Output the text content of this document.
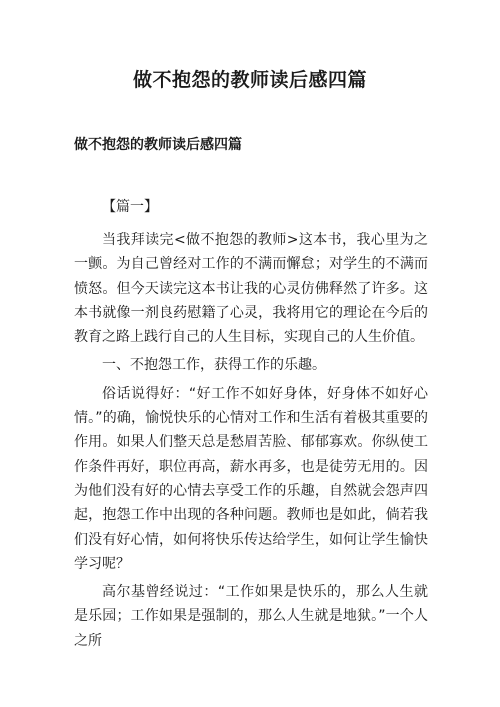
做不抱怨的教师读后感四篇
做不抱怨的教师读后感四篇
【篇一】

当我拜读完<做不抱怨的教师>这本书，我心里为之一颤。为自己曾经对工作的不满而懈怠；对学生的不满而愤怒。但今天读完这本书让我的心灵仿佛释然了许多。这本书就像一剂良药慰籍了心灵，我将用它的理论在今后的教育之路上践行自己的人生目标，实现自己的人生价值。

一、不抱怨工作，获得工作的乐趣。

俗话说得好：“好工作不如好身体，好身体不如好心情。”的确，愉悦快乐的心情对工作和生活有着极其重要的作用。如果人们整天总是愁眉苦脸、郁郁寡欢。你纵使工作条件再好，职位再高，薪水再多，也是徒劳无用的。因为他们没有好的心情去享受工作的乐趣，自然就会怨声四起，抱怨工作中出现的各种问题。教师也是如此，倘若我们没有好心情，如何将快乐传达给学生，如何让学生愉快学习呢？

高尔基曾经说过：“工作如果是快乐的，那么人生就是乐园；工作如果是强制的，那么人生就是地狱。”一个人之所
